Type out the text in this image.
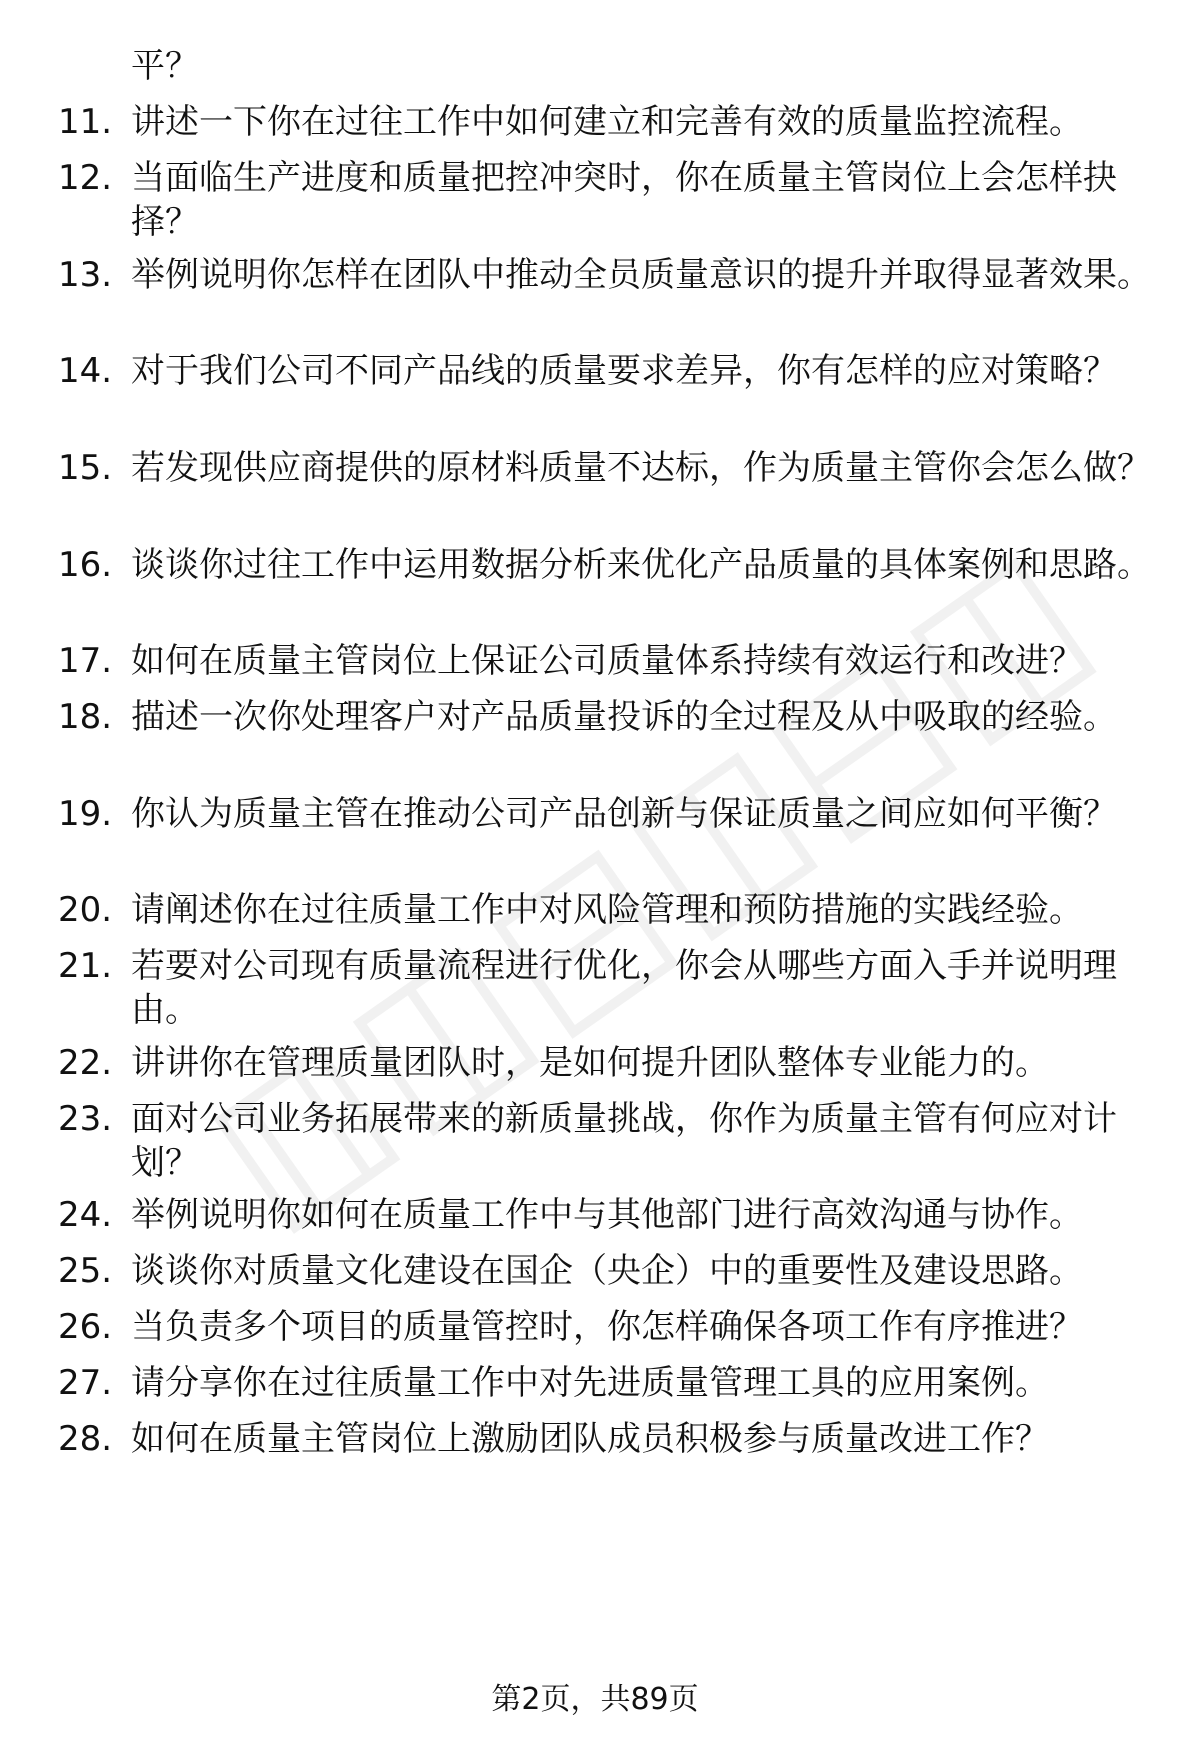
平？
11. 讲述一下你在过往工作中如何建立和完善有效的质量监控流程。
12. 当面临生产进度和质量把控冲突时，你在质量主管岗位上会怎样抉择？
13. 举例说明你怎样在团队中推动全员质量意识的提升并取得显著效果。
14. 对于我们公司不同产品线的质量要求差异，你有怎样的应对策略？
15. 若发现供应商提供的原材料质量不达标，作为质量主管你会怎么做？
16. 谈谈你过往工作中运用数据分析来优化产品质量的具体案例和思路。
17. 如何在质量主管岗位上保证公司质量体系持续有效运行和改进？
18. 描述一次你处理客户对产品质量投诉的全过程及从中吸取的经验。
19. 你认为质量主管在推动公司产品创新与保证质量之间应如何平衡？
20. 请阐述你在过往质量工作中对风险管理和预防措施的实践经验。
21. 若要对公司现有质量流程进行优化，你会从哪些方面入手并说明理由。
22. 讲讲你在管理质量团队时，是如何提升团队整体专业能力的。
23. 面对公司业务拓展带来的新质量挑战，你作为质量主管有何应对计划？
24. 举例说明你如何在质量工作中与其他部门进行高效沟通与协作。
25. 谈谈你对质量文化建设在国企（央企）中的重要性及建设思路。
26. 当负责多个项目的质量管控时，你怎样确保各项工作有序推进？
27. 请分享你在过往质量工作中对先进质量管理工具的应用案例。
28. 如何在质量主管岗位上激励团队成员积极参与质量改进工作？
第2页，共89页
